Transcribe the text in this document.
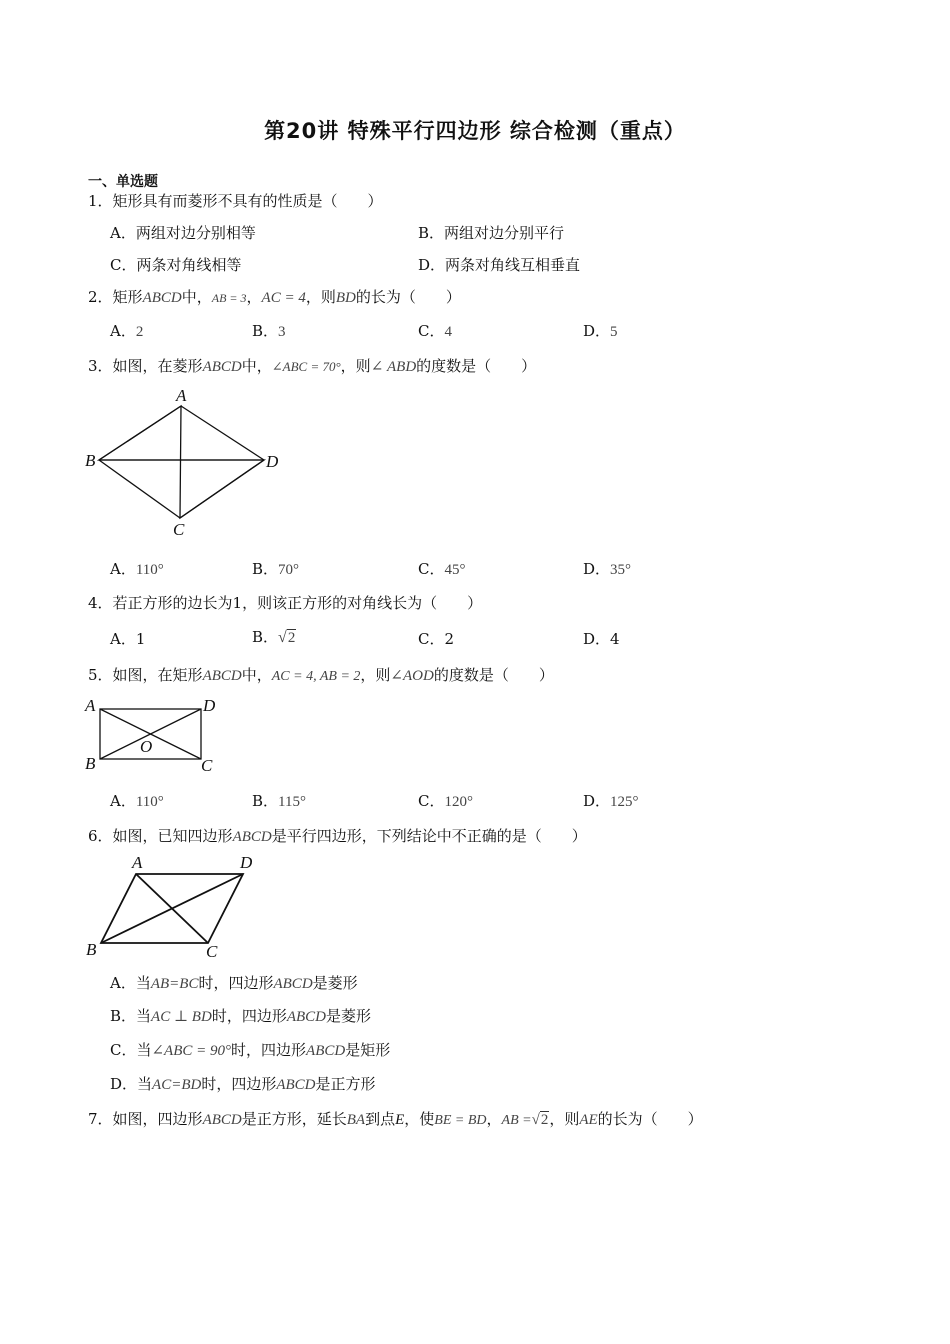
第20讲 特殊平行四边形 综合检测（重点）
一、单选题
1．矩形具有而菱形不具有的性质是（　　）
A．两组对边分别相等	B．两组对边分别平行
C．两条对角线相等	D．两条对角线互相垂直
2．矩形ABCD中，AB = 3，AC = 4，则BD的长为（　　）
A．2	B．3	C．4	D．5
3．如图，在菱形ABCD中，∠ABC = 70°，则∠ ABD的度数是（　　）
A
B	D
C
A．110°	B．70°	C．45°	D．35°
4．若正方形的边长为1，则该正方形的对角线长为（　　）
A．1	B．√2	C．2	D．4
5．如图，在矩形ABCD中，AC = 4, AB = 2，则∠AOD的度数是（　　）
A	D
B	C
O
A．110°	B．115°	C．120°	D．125°
6．如图，已知四边形ABCD是平行四边形，下列结论中不正确的是（　　）
A	D
B	C
A．当AB=BC时，四边形ABCD是菱形
B．当AC ⊥ BD时，四边形ABCD是菱形
C．当∠ABC = 90°时，四边形ABCD是矩形
D．当AC=BD时，四边形ABCD是正方形
7．如图，四边形ABCD是正方形，延长BA到点E，使BE = BD，AB =√2，则AE的长为（　　）
